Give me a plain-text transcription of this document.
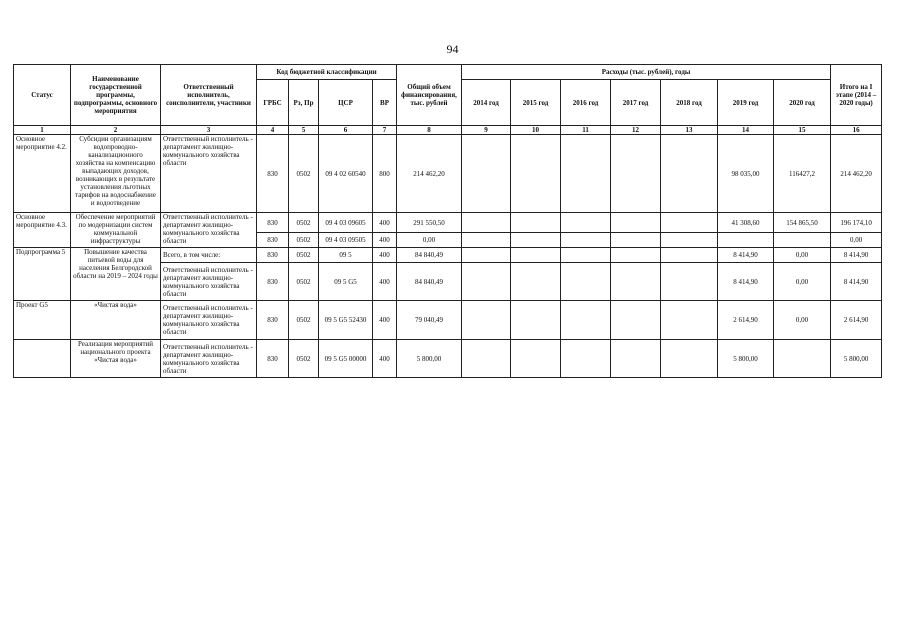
94
Статус	Наименование государственной программы, подпрограммы, основного мероприятия	Ответственный исполнитель, соисполнители, участники	Код бюджетной классификации				Общий объем финансирования, тыс. рублей	Расходы (тыс. рублей), годы							Итого на I этапе (2014 – 2020 годы)
			ГРБС	Рз, Пр	ЦСР	ВР		2014 год	2015 год	2016 год	2017 год	2018 год	2019 год	2020 год	
1	2	3	4	5	6	7	8	9	10	11	12	13	14	15	16
Основное мероприятие 4.2.	Субсидии организациям водопроводно-канализационного хозяйства на компенсацию выпадающих доходов, возникающих в результате установления льготных тарифов на водоснабжение и водоотведение	Ответственный исполнитель - департамент жилищно-коммунального хозяйства области	830	0502	09 4 02 60540	800	214 462,20						98 035,00	116427,2	214 462,20
Основное мероприятие 4.3.	Обеспечение мероприятий по модернизации систем коммунальной инфраструктуры	Ответственный исполнитель - департамент жилищно-коммунального хозяйства области	830	0502	09 4 03 09605	400	291 550,50						41 308,60	154 865,50	196 174,10
			830	0502	09 4 03 09505	400	0,00								0,00
Подпрограмма 5	Повышение качества питьевой воды для населения Белгородской области на 2019 – 2024 годы	Всего, в том числе:	830	0502	09 5	400	84 840,49						8 414,90	0,00	8 414,90
		Ответственный исполнитель - департамент жилищно-коммунального хозяйства области	830	0502	09 5 G5	400	84 840,49						8 414,90	0,00	8 414,90
Проект G5	«Чистая вода»	Ответственный исполнитель - департамент жилищно-коммунального хозяйства области	830	0502	09 5 G5 52430	400	79 040,49						2 614,90	0,00	2 614,90
	Реализация мероприятий национального проекта «Чистая вода»	Ответственный исполнитель - департамент жилищно-коммунального хозяйства области	830	0502	09 5 G5 00000	400	5 800,00						5 800,00		5 800,00
